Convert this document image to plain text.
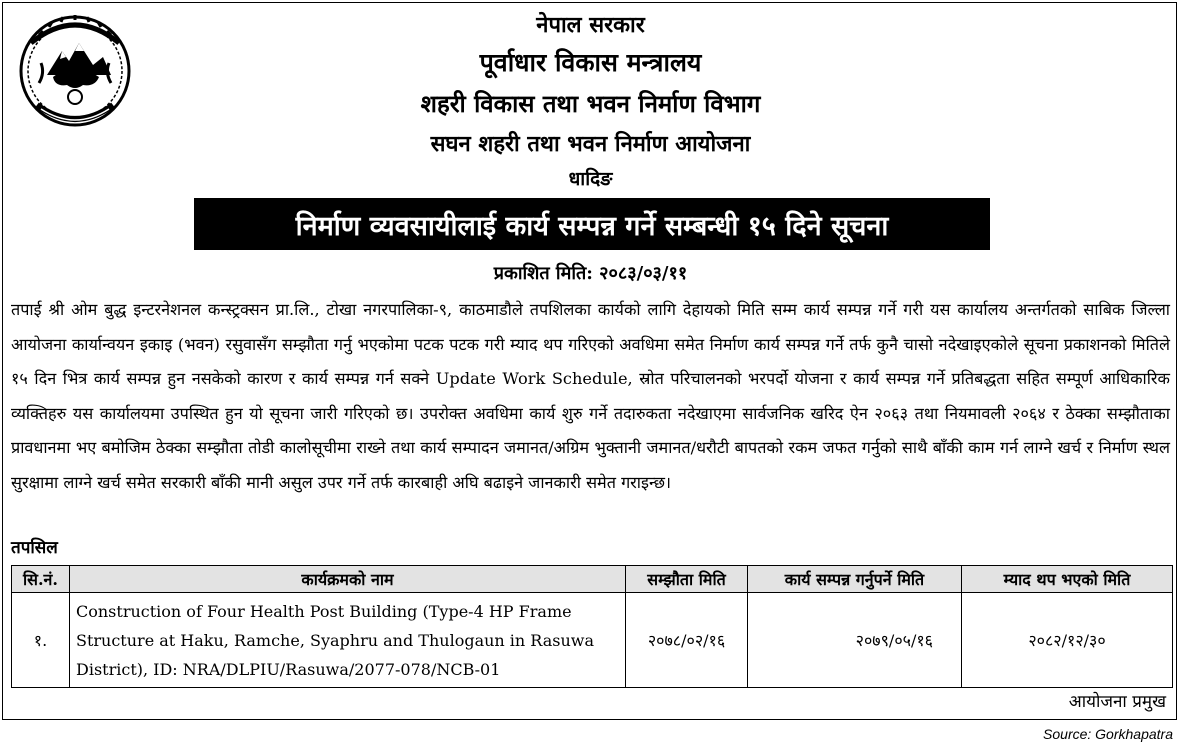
नेपाल सरकार
पूर्वाधार विकास मन्त्रालय
शहरी विकास तथा भवन निर्माण विभाग
सघन शहरी तथा भवन निर्माण आयोजना
धादिङ
निर्माण व्यवसायीलाई कार्य सम्पन्न गर्ने सम्बन्धी १५ दिने सूचना
प्रकाशित मिति: २०८३/०३/११

तपाई श्री ओम बुद्ध इन्टरनेशनल कन्स्ट्रक्सन प्रा.लि., टोखा नगरपालिका-९, काठमाडौले तपशिलका कार्यको लागि देहायको मिति सम्म कार्य सम्पन्न गर्ने गरी यस कार्यालय अन्तर्गतको साबिक जिल्ला आयोजना कार्यान्वयन इकाइ (भवन) रसुवासँग सम्झौता गर्नु भएकोमा पटक पटक गरी म्याद थप गरिएको अवधिमा समेत निर्माण कार्य सम्पन्न गर्ने तर्फ कुनै चासो नदेखाइएकोले सूचना प्रकाशनको मितिले १५ दिन भित्र कार्य सम्पन्न हुन नसकेको कारण र कार्य सम्पन्न गर्न सक्ने Update Work Schedule, स्रोत परिचालनको भरपर्दो योजना र कार्य सम्पन्न गर्ने प्रतिबद्धता सहित सम्पूर्ण आधिकारिक व्यक्तिहरु यस कार्यालयमा उपस्थित हुन यो सूचना जारी गरिएको छ। उपरोक्त अवधिमा कार्य शुरु गर्ने तदारुकता नदेखाएमा सार्वजनिक खरिद ऐन २०६३ तथा नियमावली २०६४ र ठेक्का सम्झौताका प्रावधानमा भए बमोजिम ठेक्का सम्झौता तोडी कालोसूचीमा राख्ने तथा कार्य सम्पादन जमानत/अग्रिम भुक्तानी जमानत/धरौटी बापतको रकम जफत गर्नुको साथै बाँकी काम गर्न लाग्ने खर्च र निर्माण स्थल सुरक्षामा लाग्ने खर्च समेत सरकारी बाँकी मानी असुल उपर गर्ने तर्फ कारबाही अघि बढाइने जानकारी समेत गराइन्छ।

तपसिल
सि.नं.	कार्यक्रमको नाम	सम्झौता मिति	कार्य सम्पन्न गर्नुपर्ने मिति	म्याद थप भएको मिति
१.	Construction of Four Health Post Building (Type-4 HP Frame Structure at Haku, Ramche, Syaphru and Thulogaun in Rasuwa District), ID: NRA/DLPIU/Rasuwa/2077-078/NCB-01	२०७८/०२/१६	२०७९/०५/१६	२०८२/१२/३०
आयोजना प्रमुख
Source: Gorkhapatra
